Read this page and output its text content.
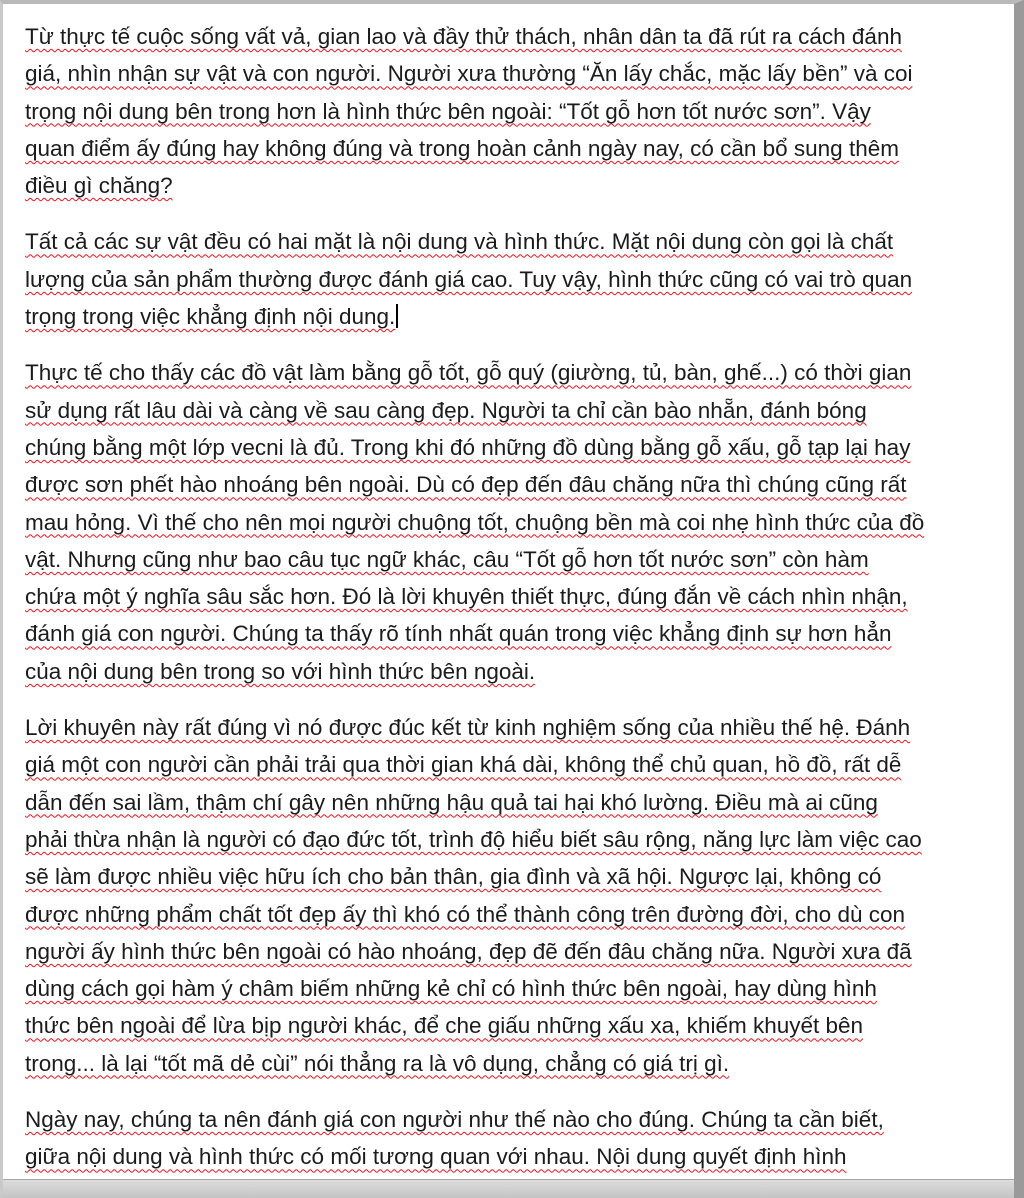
Từ thực tế cuộc sống vất vả, gian lao và đầy thử thách, nhân dân ta đã rút ra cách đánh giá, nhìn nhận sự vật và con người. Người xưa thường “Ăn lấy chắc, mặc lấy bền” và coi trọng nội dung bên trong hơn là hình thức bên ngoài: “Tốt gỗ hơn tốt nước sơn”. Vậy quan điểm ấy đúng hay không đúng và trong hoàn cảnh ngày nay, có cần bổ sung thêm điều gì chăng?

Tất cả các sự vật đều có hai mặt là nội dung và hình thức. Mặt nội dung còn gọi là chất lượng của sản phẩm thường được đánh giá cao. Tuy vậy, hình thức cũng có vai trò quan trọng trong việc khẳng định nội dung.

Thực tế cho thấy các đồ vật làm bằng gỗ tốt, gỗ quý (giường, tủ, bàn, ghế...) có thời gian sử dụng rất lâu dài và càng về sau càng đẹp. Người ta chỉ cần bào nhẵn, đánh bóng chúng bằng một lớp vecni là đủ. Trong khi đó những đồ dùng bằng gỗ xấu, gỗ tạp lại hay được sơn phết hào nhoáng bên ngoài. Dù có đẹp đến đâu chăng nữa thì chúng cũng rất mau hỏng. Vì thế cho nên mọi người chuộng tốt, chuộng bền mà coi nhẹ hình thức của đồ vật. Nhưng cũng như bao câu tục ngữ khác, câu “Tốt gỗ hơn tốt nước sơn” còn hàm chứa một ý nghĩa sâu sắc hơn. Đó là lời khuyên thiết thực, đúng đắn về cách nhìn nhận, đánh giá con người. Chúng ta thấy rõ tính nhất quán trong việc khẳng định sự hơn hẳn của nội dung bên trong so với hình thức bên ngoài.

Lời khuyên này rất đúng vì nó được đúc kết từ kinh nghiệm sống của nhiều thế hệ. Đánh giá một con người cần phải trải qua thời gian khá dài, không thể chủ quan, hồ đồ, rất dễ dẫn đến sai lầm, thậm chí gây nên những hậu quả tai hại khó lường. Điều mà ai cũng phải thừa nhận là người có đạo đức tốt, trình độ hiểu biết sâu rộng, năng lực làm việc cao sẽ làm được nhiều việc hữu ích cho bản thân, gia đình và xã hội. Ngược lại, không có được những phẩm chất tốt đẹp ấy thì khó có thể thành công trên đường đời, cho dù con người ấy hình thức bên ngoài có hào nhoáng, đẹp đẽ đến đâu chăng nữa. Người xưa đã dùng cách gọi hàm ý châm biếm những kẻ chỉ có hình thức bên ngoài, hay dùng hình thức bên ngoài để lừa bịp người khác, để che giấu những xấu xa, khiếm khuyết bên trong... là lại “tốt mã dẻ cùi” nói thẳng ra là vô dụng, chẳng có giá trị gì.

Ngày nay, chúng ta nên đánh giá con người như thế nào cho đúng. Chúng ta cần biết, giữa nội dung và hình thức có mối tương quan với nhau. Nội dung quyết định hình
